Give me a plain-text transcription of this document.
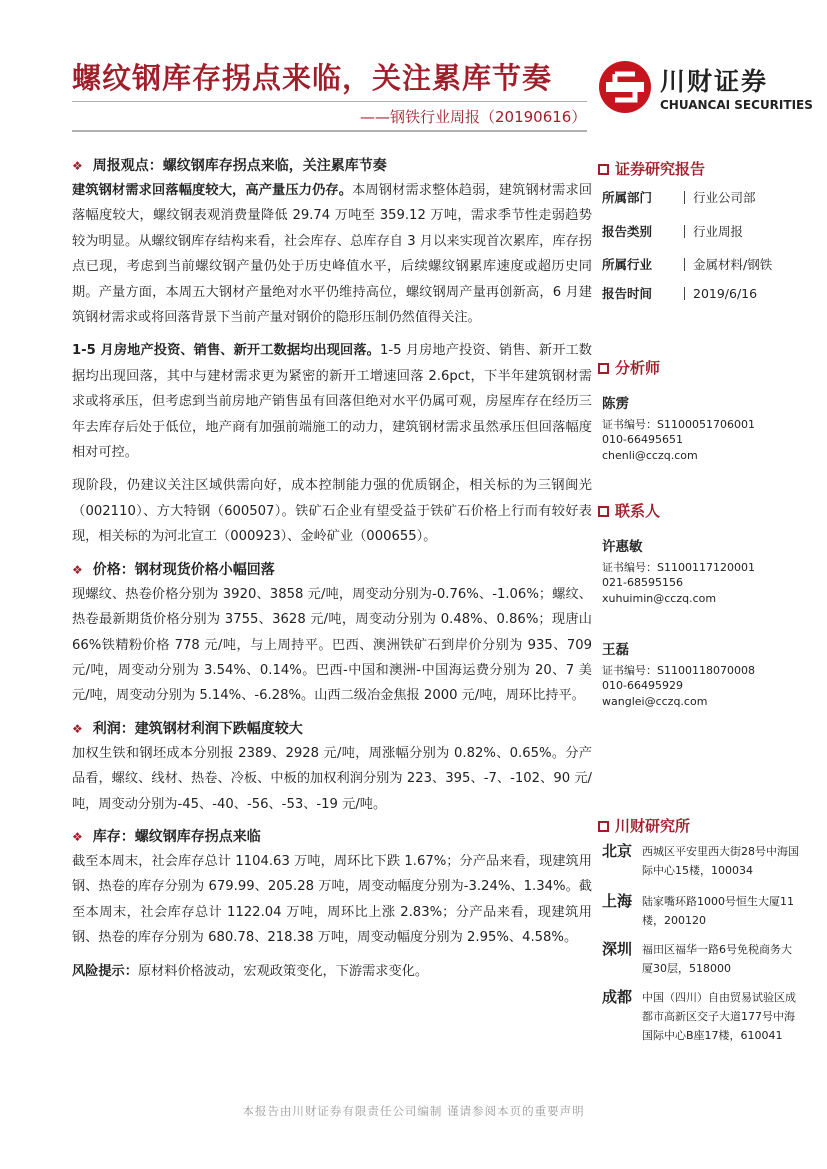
螺纹钢库存拐点来临，关注累库节奏
——钢铁行业周报（20190616）
川财证券
CHUANCAI SECURITIES
❖ 周报观点：螺纹钢库存拐点来临，关注累库节奏

建筑钢材需求回落幅度较大，高产量压力仍存。本周钢材需求整体趋弱，建筑钢材需求回落幅度较大，螺纹钢表观消费量降低 29.74 万吨至 359.12 万吨，需求季节性走弱趋势较为明显。从螺纹钢库存结构来看，社会库存、总库存自 3 月以来实现首次累库，库存拐点已现，考虑到当前螺纹钢产量仍处于历史峰值水平，后续螺纹钢累库速度或超历史同期。产量方面，本周五大钢材产量绝对水平仍维持高位，螺纹钢周产量再创新高，6 月建筑钢材需求或将回落背景下当前产量对钢价的隐形压制仍然值得关注。

1-5 月房地产投资、销售、新开工数据均出现回落。1-5 月房地产投资、销售、新开工数据均出现回落，其中与建材需求更为紧密的新开工增速回落 2.6pct，下半年建筑钢材需求或将承压，但考虑到当前房地产销售虽有回落但绝对水平仍属可观，房屋库存在经历三年去库存后处于低位，地产商有加强前端施工的动力，建筑钢材需求虽然承压但回落幅度相对可控。

现阶段，仍建议关注区域供需向好，成本控制能力强的优质钢企，相关标的为三钢闽光（002110）、方大特钢（600507）。铁矿石企业有望受益于铁矿石价格上行而有较好表现，相关标的为河北宣工（000923）、金岭矿业（000655）。

❖ 价格：钢材现货价格小幅回落

现螺纹、热卷价格分别为 3920、3858 元/吨，周变动分别为-0.76%、-1.06%；螺纹、热卷最新期货价格分别为 3755、3628 元/吨，周变动分别为 0.48%、0.86%；现唐山 66%铁精粉价格 778 元/吨，与上周持平。巴西、澳洲铁矿石到岸价分别为 935、709 元/吨，周变动分别为 3.54%、0.14%。巴西-中国和澳洲-中国海运费分别为 20、7 美元/吨，周变动分别为 5.14%、-6.28%。山西二级冶金焦报 2000 元/吨，周环比持平。

❖ 利润：建筑钢材利润下跌幅度较大

加权生铁和钢坯成本分别报 2389、2928 元/吨，周涨幅分别为 0.82%、0.65%。分产品看，螺纹、线材、热卷、冷板、中板的加权利润分别为 223、395、-7、-102、90 元/吨，周变动分别为-45、-40、-56、-53、-19 元/吨。

❖ 库存：螺纹钢库存拐点来临

截至本周末，社会库存总计 1104.63 万吨，周环比下跌 1.67%；分产品来看，现建筑用钢、热卷的库存分别为 679.99、205.28 万吨，周变动幅度分别为-3.24%、1.34%。截至本周末，社会库存总计 1122.04 万吨，周环比上涨 2.83%；分产品来看，现建筑用钢、热卷的库存分别为 680.78、218.38 万吨，周变动幅度分别为 2.95%、4.58%。

风险提示：原材料价格波动，宏观政策变化，下游需求变化。

证券研究报告
所属部门	行业公司部
报告类别	行业周报
所属行业	金属材料/钢铁
报告时间	2019/6/16
分析师
陈雳
证书编号：S1100051706001
010-66495651
chenli@cczq.com
联系人
许惠敏
证书编号：S1100117120001
021-68595156
xuhuimin@cczq.com
王磊
证书编号：S1100118070008
010-66495929
wanglei@cczq.com
川财研究所
北京 西城区平安里西大街28号中海国际中心15楼，100034
上海 陆家嘴环路1000号恒生大厦11楼，200120
深圳 福田区福华一路6号免税商务大厦30层，518000
成都 中国（四川）自由贸易试验区成都市高新区交子大道177号中海国际中心B座17楼，610041
本报告由川财证券有限责任公司编制 谨请参阅本页的重要声明
